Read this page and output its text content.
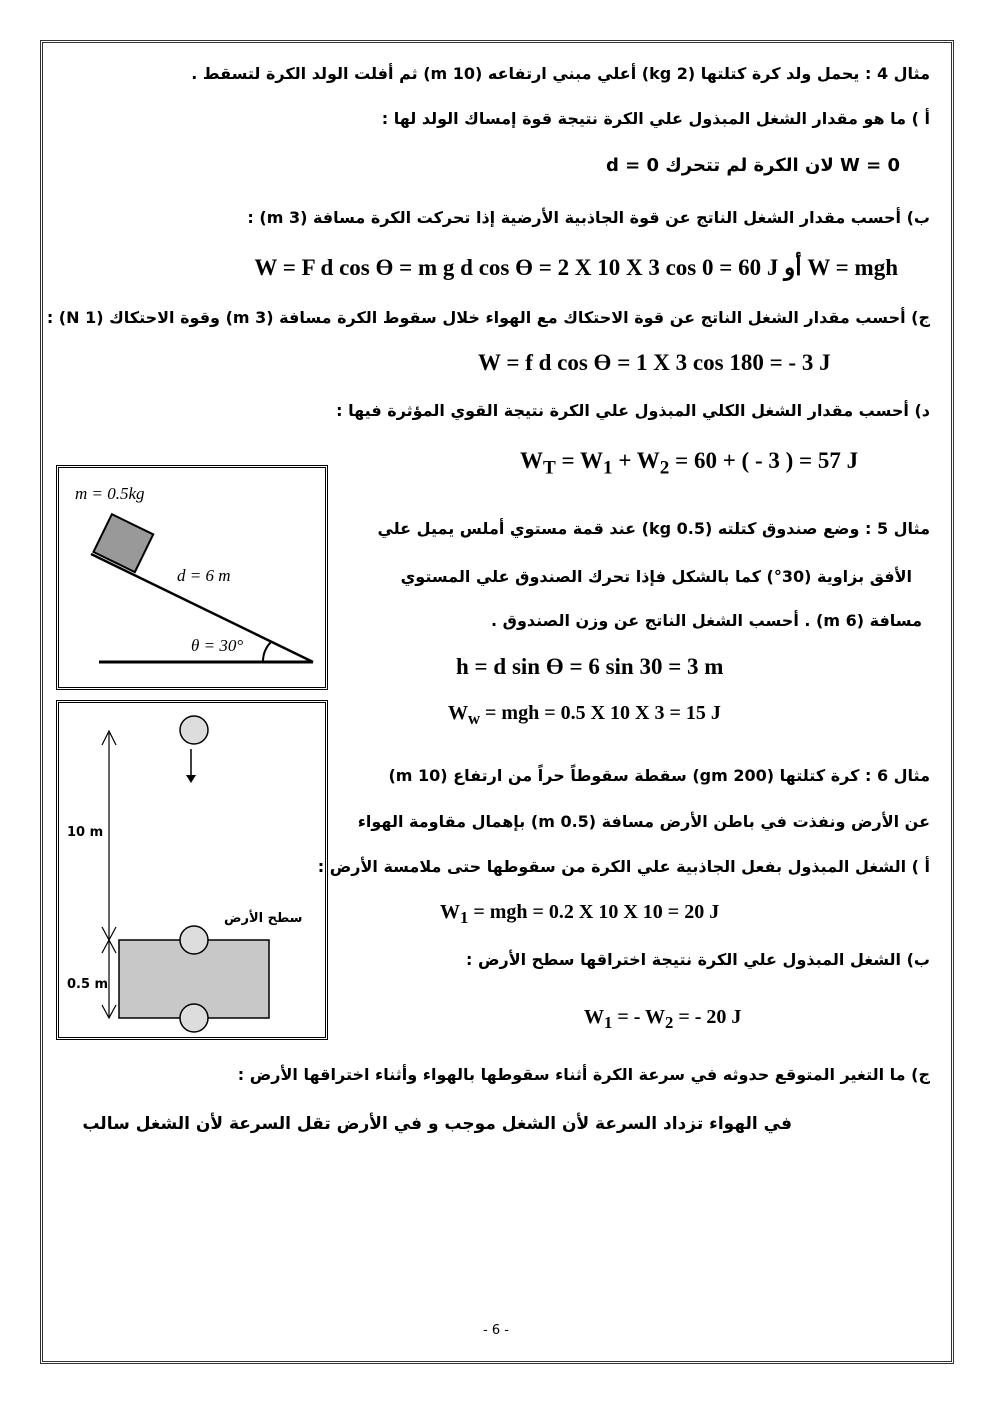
مثال 4 : يحمل ولد كرة كتلتها (2 kg) أعلي مبني ارتفاعه (10 m) ثم أفلت الولد الكرة لتسقط .
أ ) ما هو مقدار الشغل المبذول علي الكرة نتيجة قوة إمساك الولد لها :
W = 0 لان الكرة لم تتحرك d = 0
ب) أحسب مقدار الشغل الناتج عن قوة الجاذبية الأرضية إذا تحركت الكرة مسافة (3 m) :
W = mgh أو W = F d cos Ɵ = m g d cos Ɵ = 2 X 10 X 3 cos 0 = 60 J
ج) أحسب مقدار الشغل الناتج عن قوة الاحتكاك مع الهواء خلال سقوط الكرة مسافة (3 m) وقوة الاحتكاك (1 N) :
W = f d cos Ɵ = 1 X 3 cos 180 = - 3 J
د) أحسب مقدار الشغل الكلي المبذول علي الكرة نتيجة القوي المؤثرة فيها :
$W_T = W_1 + W_2 = 60$ + ( - 3 ) = 57 J
مثال 5 : وضع صندوق كتلته (0.5 kg) عند قمة مستوي أملس يميل علي
الأفق بزاوية (30°) كما بالشكل فإذا تحرك الصندوق علي المستوي
مسافة (6 m) . أحسب الشغل الناتج عن وزن الصندوق .
h = d sin Ɵ = 6 sin 30 = 3 m
$W_w$ = mgh = 0.5 X 10 X 3 = 15 J
m = 0.5kg
d = 6 m
θ = 30°
10 m
0.5 m
سطح الأرض
مثال 6 : كرة كتلتها (200 gm) سقطة سقوطاً حراً من ارتفاع (10 m)
عن الأرض ونفذت في باطن الأرض مسافة (0.5 m) بإهمال مقاومة الهواء
أ ) الشغل المبذول بفعل الجاذبية علي الكرة من سقوطها حتى ملامسة الأرض :
$W_1$ = mgh = 0.2 X 10 X 10 = 20 J
ب) الشغل المبذول علي الكرة نتيجة اختراقها سطح الأرض :
$W_1$ = - $W_2$ = - 20 J
ج) ما التغير المتوقع حدوثه في سرعة الكرة أثناء سقوطها بالهواء وأثناء اختراقها الأرض :
في الهواء تزداد السرعة لأن الشغل موجب و في الأرض تقل السرعة لأن الشغل سالب
- 6 -
